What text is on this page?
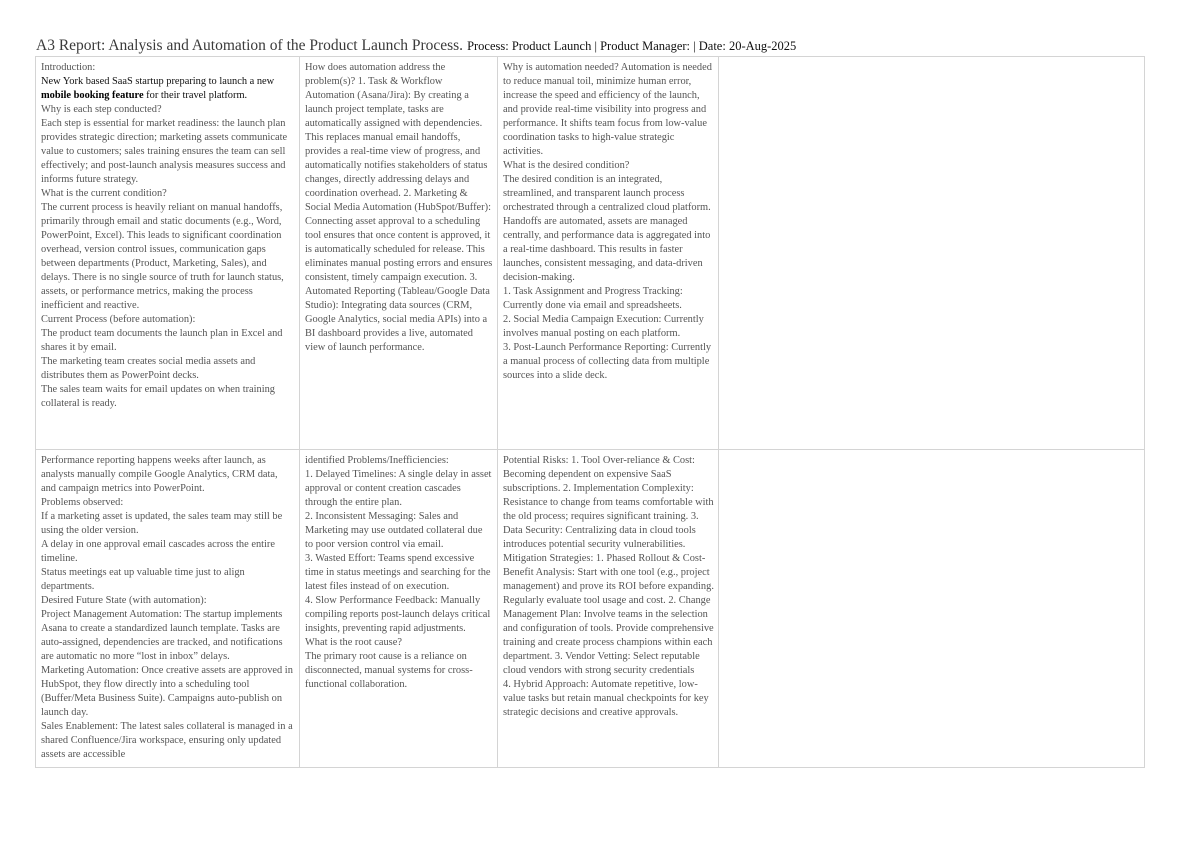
A3 Report: Analysis and Automation of the Product Launch Process. Process: Product Launch | Product Manager: | Date: 20-Aug-2025

Introduction:

New York based SaaS startup preparing to launch a new mobile booking feature for their travel platform.

Why is each step conducted?

Each step is essential for market readiness: the launch plan provides strategic direction; marketing assets communicate value to customers; sales training ensures the team can sell effectively; and post-launch analysis measures success and informs future strategy.

What is the current condition?

The current process is heavily reliant on manual handoffs, primarily through email and static documents (e.g., Word, PowerPoint, Excel). This leads to significant coordination overhead, version control issues, communication gaps between departments (Product, Marketing, Sales), and delays. There is no single source of truth for launch status, assets, or performance metrics, making the process inefficient and reactive.

Current Process (before automation):

The product team documents the launch plan in Excel and shares it by email.

The marketing team creates social media assets and distributes them as PowerPoint decks.

The sales team waits for email updates on when training collateral is ready.

How does automation address the problem(s)? 1. Task & Workflow Automation (Asana/Jira): By creating a launch project template, tasks are automatically assigned with dependencies. This replaces manual email handoffs, provides a real-time view of progress, and automatically notifies stakeholders of status changes, directly addressing delays and coordination overhead. 2. Marketing & Social Media Automation (HubSpot/Buffer): Connecting asset approval to a scheduling tool ensures that once content is approved, it is automatically scheduled for release. This eliminates manual posting errors and ensures consistent, timely campaign execution. 3. Automated Reporting (Tableau/Google Data Studio): Integrating data sources (CRM, Google Analytics, social media APIs) into a BI dashboard provides a live, automated view of launch performance.

Why is automation needed? Automation is needed to reduce manual toil, minimize human error, increase the speed and efficiency of the launch, and provide real-time visibility into progress and performance. It shifts team focus from low-value coordination tasks to high-value strategic activities.

What is the desired condition?

The desired condition is an integrated, streamlined, and transparent launch process orchestrated through a centralized cloud platform. Handoffs are automated, assets are managed centrally, and performance data is aggregated into a real-time dashboard. This results in faster launches, consistent messaging, and data-driven decision-making.

1. Task Assignment and Progress Tracking: Currently done via email and spreadsheets.

2. Social Media Campaign Execution: Currently involves manual posting on each platform.

3. Post-Launch Performance Reporting: Currently a manual process of collecting data from multiple sources into a slide deck.

Performance reporting happens weeks after launch, as analysts manually compile Google Analytics, CRM data, and campaign metrics into PowerPoint.

Problems observed:

If a marketing asset is updated, the sales team may still be using the older version.

A delay in one approval email cascades across the entire timeline.

Status meetings eat up valuable time just to align departments.

Desired Future State (with automation):

Project Management Automation: The startup implements Asana to create a standardized launch template. Tasks are auto-assigned, dependencies are tracked, and notifications are automatic no more “lost in inbox” delays.

Marketing Automation: Once creative assets are approved in HubSpot, they flow directly into a scheduling tool (Buffer/Meta Business Suite). Campaigns auto-publish on launch day.

Sales Enablement: The latest sales collateral is managed in a shared Confluence/Jira workspace, ensuring only updated assets are accessible

identified Problems/Inefficiencies:

1. Delayed Timelines: A single delay in asset approval or content creation cascades through the entire plan.

2. Inconsistent Messaging: Sales and Marketing may use outdated collateral due to poor version control via email.

3. Wasted Effort: Teams spend excessive time in status meetings and searching for the latest files instead of on execution.

4. Slow Performance Feedback: Manually compiling reports post-launch delays critical insights, preventing rapid adjustments.

What is the root cause?

The primary root cause is a reliance on disconnected, manual systems for cross-functional collaboration.

Potential Risks: 1. Tool Over-reliance & Cost: Becoming dependent on expensive SaaS subscriptions. 2. Implementation Complexity: Resistance to change from teams comfortable with the old process; requires significant training. 3. Data Security: Centralizing data in cloud tools introduces potential security vulnerabilities. Mitigation Strategies: 1. Phased Rollout & Cost-Benefit Analysis: Start with one tool (e.g., project management) and prove its ROI before expanding. Regularly evaluate tool usage and cost. 2. Change Management Plan: Involve teams in the selection and configuration of tools. Provide comprehensive training and create process champions within each department. 3. Vendor Vetting: Select reputable cloud vendors with strong security credentials

4. Hybrid Approach: Automate repetitive, low-value tasks but retain manual checkpoints for key strategic decisions and creative approvals.
